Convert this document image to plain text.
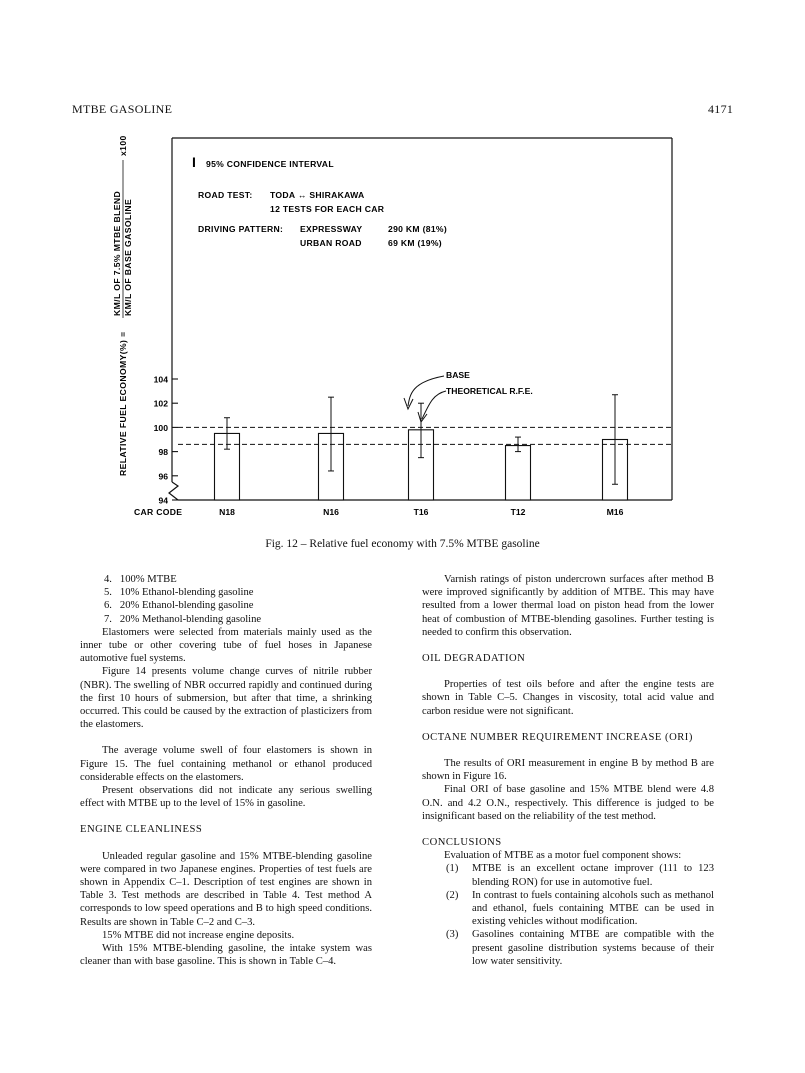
MTBE GASOLINE	4171
RELATIVE FUEL ECONOMY(%) =
KM/L OF 7.5% MTBE BLEND KM/L OF BASE GASOLINE
x100
I 95% CONFIDENCE INTERVAL
ROAD TEST: TODA ↔ SHIRAKAWA
12 TESTS FOR EACH CAR
DRIVING PATTERN: EXPRESSWAY	290 KM (81%)
URBAN ROAD	69 KM (19%)
94
96
98
100
102
104	BASE
THEORETICAL R.F.E.
CAR CODE	N18	N16	T16	T12	M16
Fig. 12 – Relative fuel economy with 7.5% MTBE gasoline

4. 100% MTBE

5. 10% Ethanol-blending gasoline

6. 20% Ethanol-blending gasoline

7. 20% Methanol-blending gasoline

Elastomers were selected from materials mainly used as the inner tube or other covering tube of fuel hoses in Japanese automotive fuel systems.

Figure 14 presents volume change curves of nitrile rubber (NBR). The swelling of NBR occurred rapidly and continued during the first 10 hours of submersion, but after that time, a shrinking occurred. This could be caused by the extraction of plasticizers from the elastomers.

The average volume swell of four elastomers is shown in Figure 15. The fuel containing methanol or ethanol produced considerable effects on the elastomers.

Present observations did not indicate any serious swelling effect with MTBE up to the level of 15% in gasoline.

ENGINE CLEANLINESS

Unleaded regular gasoline and 15% MTBE-blending gasoline were compared in two Japanese engines. Properties of test fuels are shown in Appendix C–1. Description of test engines are shown in Table 3. Test methods are described in Table 4. Test method A corresponds to low speed operations and B to high speed conditions. Results are shown in Table C–2 and C–3.

15% MTBE did not increase engine deposits.

With 15% MTBE-blending gasoline, the intake system was cleaner than with base gasoline. This is shown in Table C–4.

Varnish ratings of piston undercrown surfaces after method B were improved significantly by addition of MTBE. This may have resulted from a lower thermal load on piston head from the lower heat of combustion of MTBE-blending gasolines. Further testing is needed to confirm this observation.

OIL DEGRADATION

Properties of test oils before and after the engine tests are shown in Table C–5. Changes in viscosity, total acid value and carbon residue were not significant.

OCTANE NUMBER REQUIREMENT INCREASE (ORI)

The results of ORI measurement in engine B by method B are shown in Figure 16.

Final ORI of base gasoline and 15% MTBE blend were 4.8 O.N. and 4.2 O.N., respectively. This difference is judged to be insignificant based on the reliability of the test method.

CONCLUSIONS

Evaluation of MTBE as a motor fuel component shows:

(1) MTBE is an excellent octane improver (111 to 123 blending RON) for use in automotive fuel.

(2) In contrast to fuels containing alcohols such as methanol and ethanol, fuels containing MTBE can be used in existing vehicles without modification.

(3) Gasolines containing MTBE are compatible with the present gasoline distribution systems because of their low water sensitivity.
